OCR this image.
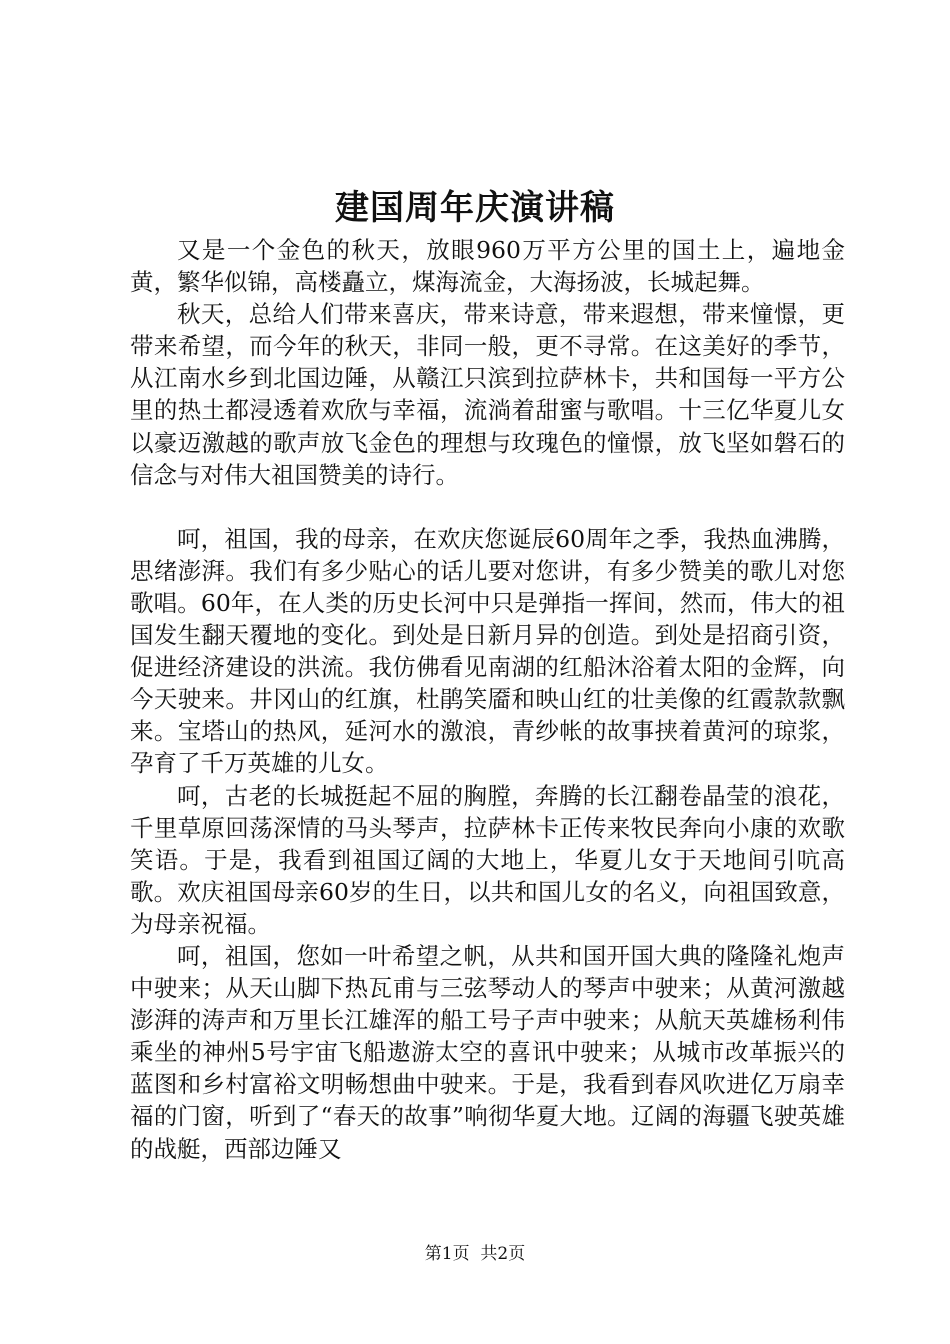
建国周年庆演讲稿

又是一个金色的秋天，放眼960万平方公里的国土上，遍地金黄，繁华似锦，高楼矗立，煤海流金，大海扬波，长城起舞。

秋天，总给人们带来喜庆，带来诗意，带来遐想，带来憧憬，更带来希望，而今年的秋天，非同一般，更不寻常。在这美好的季节，从江南水乡到北国边陲，从赣江只滨到拉萨林卡，共和国每一平方公里的热土都浸透着欢欣与幸福，流淌着甜蜜与歌唱。十三亿华夏儿女以豪迈激越的歌声放飞金色的理想与玫瑰色的憧憬，放飞坚如磐石的信念与对伟大祖国赞美的诗行。

呵，祖国，我的母亲，在欢庆您诞辰60周年之季，我热血沸腾，思绪澎湃。我们有多少贴心的话儿要对您讲，有多少赞美的歌儿对您歌唱。60年，在人类的历史长河中只是弹指一挥间，然而，伟大的祖国发生翻天覆地的变化。到处是日新月异的创造。到处是招商引资，促进经济建设的洪流。我仿佛看见南湖的红船沐浴着太阳的金辉，向今天驶来。井冈山的红旗，杜鹃笑靥和映山红的壮美像的红霞款款飘来。宝塔山的热风，延河水的激浪，青纱帐的故事挟着黄河的琼浆，孕育了千万英雄的儿女。

呵，古老的长城挺起不屈的胸膛，奔腾的长江翻卷晶莹的浪花，千里草原回荡深情的马头琴声，拉萨林卡正传来牧民奔向小康的欢歌笑语。于是，我看到祖国辽阔的大地上，华夏儿女于天地间引吭高歌。欢庆祖国母亲60岁的生日，以共和国儿女的名义，向祖国致意，为母亲祝福。

呵，祖国，您如一叶希望之帆，从共和国开国大典的隆隆礼炮声中驶来；从天山脚下热瓦甫与三弦琴动人的琴声中驶来；从黄河激越澎湃的涛声和万里长江雄浑的船工号子声中驶来；从航天英雄杨利伟乘坐的神州5号宇宙飞船遨游太空的喜讯中驶来；从城市改革振兴的蓝图和乡村富裕文明畅想曲中驶来。于是，我看到春风吹进亿万扇幸福的门窗，听到了“春天的故事”响彻华夏大地。辽阔的海疆飞驶英雄的战艇，西部边陲又

第1页  共2页
